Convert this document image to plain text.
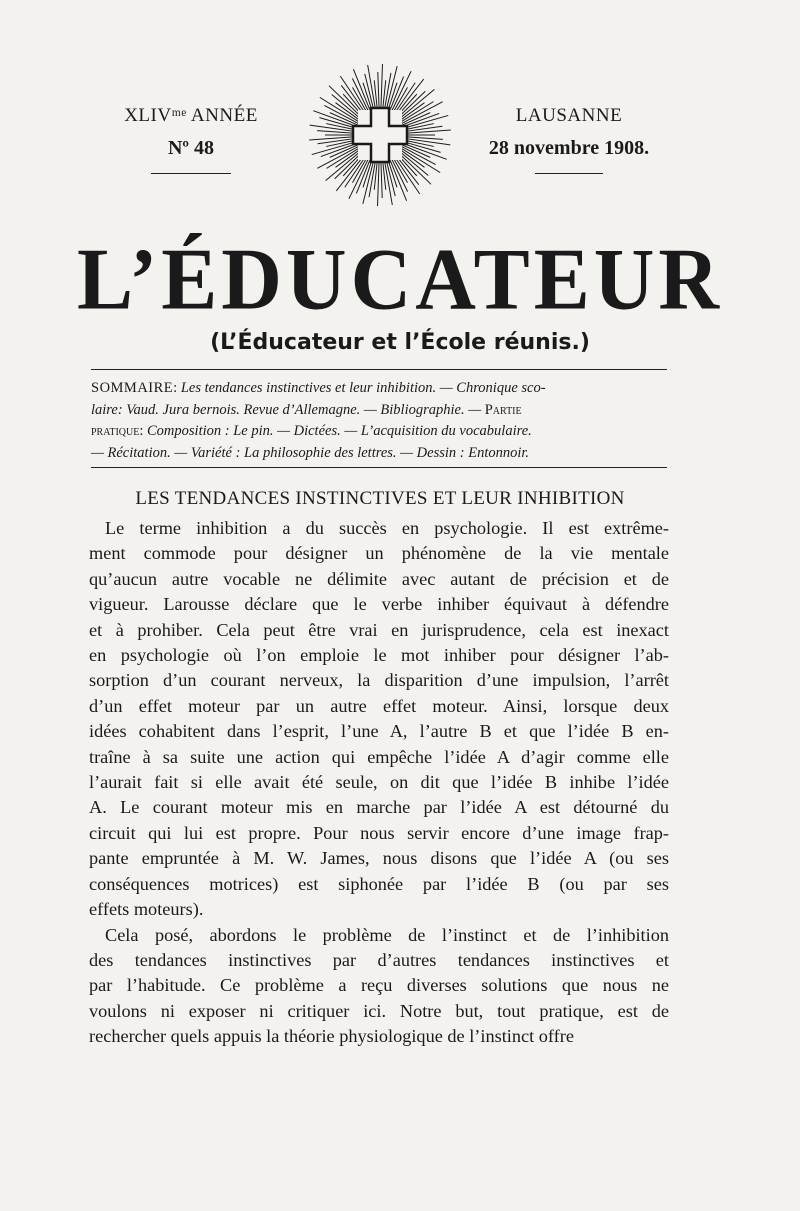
XLIVᵐᵉ ANNÉE
Nº 48
LAUSANNE
28 novembre 1908.
L’ÉDUCATEUR
(L’Éducateur et l’École réunis.)
SOMMAIRE: Les tendances instinctives et leur inhibition. — Chronique sco-
laire: Vaud. Jura bernois. Revue d’Allemagne. — Bibliographie. — Partie
pratique: Composition : Le pin. — Dictées. — L’acquisition du vocabulaire.
— Récitation. — Variété : La philosophie des lettres. — Dessin : Entonnoir.
LES TENDANCES INSTINCTIVES ET LEUR INHIBITION
Le terme inhibition a du succès en psychologie. Il est extrême-
ment commode pour désigner un phénomène de la vie mentale
qu’aucun autre vocable ne délimite avec autant de précision et de
vigueur. Larousse déclare que le verbe inhiber équivaut à défendre
et à prohiber. Cela peut être vrai en jurisprudence, cela est inexact
en psychologie où l’on emploie le mot inhiber pour désigner l’ab-
sorption d’un courant nerveux, la disparition d’une impulsion, l’arrêt
d’un effet moteur par un autre effet moteur. Ainsi, lorsque deux
idées cohabitent dans l’esprit, l’une A, l’autre B et que l’idée B en-
traîne à sa suite une action qui empêche l’idée A d’agir comme elle
l’aurait fait si elle avait été seule, on dit que l’idée B inhibe l’idée
A. Le courant moteur mis en marche par l’idée A est détourné du
circuit qui lui est propre. Pour nous servir encore d’une image frap-
pante empruntée à M. W. James, nous disons que l’idée A (ou ses
conséquences motrices) est siphonée par l’idée B (ou par ses
effets moteurs).
Cela posé, abordons le problème de l’instinct et de l’inhibition
des tendances instinctives par d’autres tendances instinctives et
par l’habitude. Ce problème a reçu diverses solutions que nous ne
voulons ni exposer ni critiquer ici. Notre but, tout pratique, est de
rechercher quels appuis la théorie physiologique de l’instinct offre
